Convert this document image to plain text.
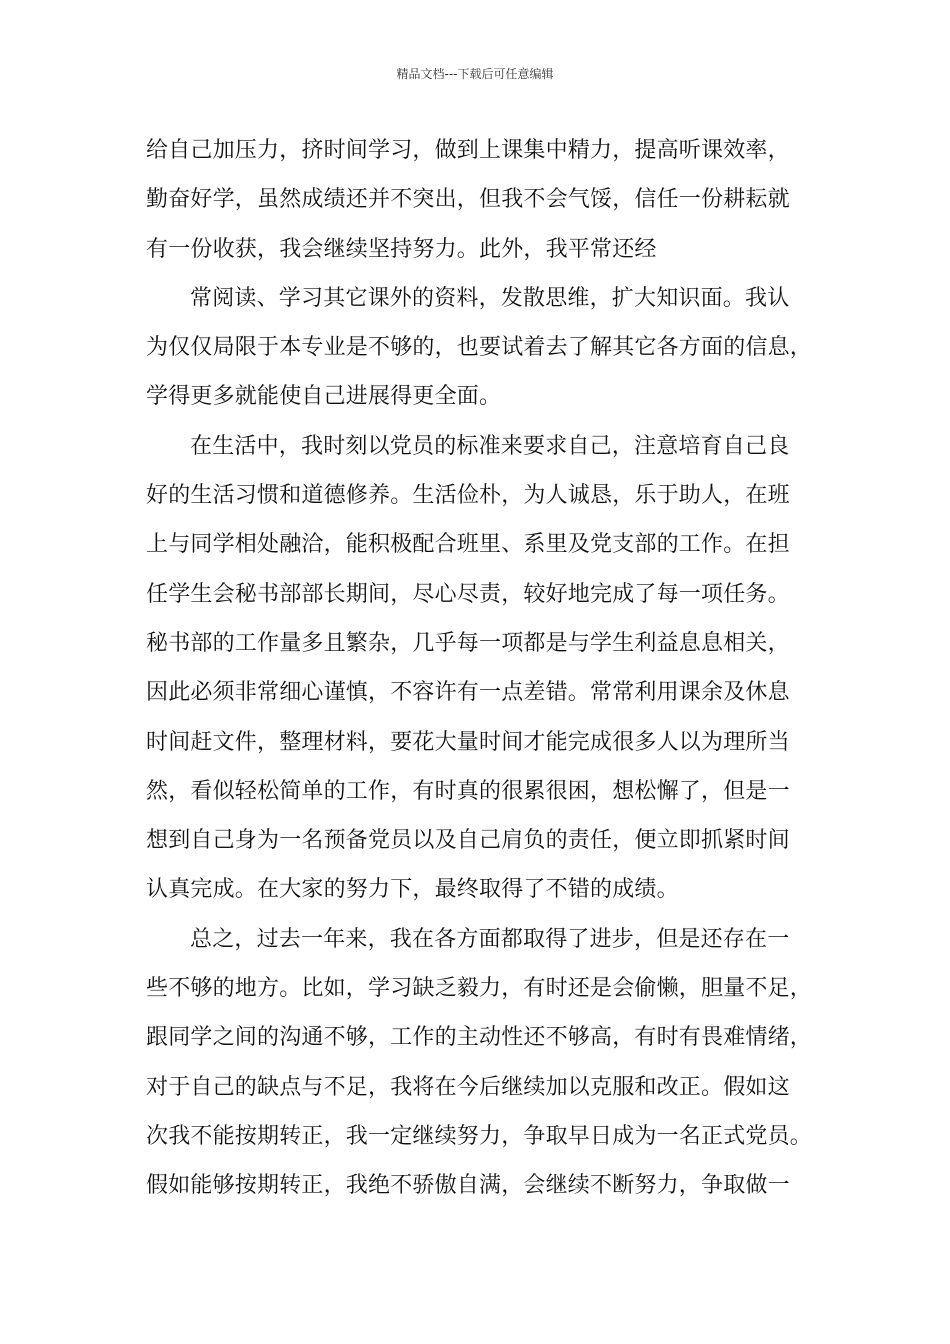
精品文档---下载后可任意编辑
给自己加压力，挤时间学习，做到上课集中精力，提高听课效率，
勤奋好学，虽然成绩还并不突出，但我不会气馁，信任一份耕耘就
有一份收获，我会继续坚持努力。此外，我平常还经
常阅读、学习其它课外的资料，发散思维，扩大知识面。我认
为仅仅局限于本专业是不够的，也要试着去了解其它各方面的信息，
学得更多就能使自己进展得更全面。
在生活中，我时刻以党员的标准来要求自己，注意培育自己良
好的生活习惯和道德修养。生活俭朴，为人诚恳，乐于助人，在班
上与同学相处融洽，能积极配合班里、系里及党支部的工作。在担
任学生会秘书部部长期间，尽心尽责，较好地完成了每一项任务。
秘书部的工作量多且繁杂，几乎每一项都是与学生利益息息相关，
因此必须非常细心谨慎，不容许有一点差错。常常利用课余及休息
时间赶文件，整理材料，要花大量时间才能完成很多人以为理所当
然，看似轻松简单的工作，有时真的很累很困，想松懈了，但是一
想到自己身为一名预备党员以及自己肩负的责任，便立即抓紧时间
认真完成。在大家的努力下，最终取得了不错的成绩。
总之，过去一年来，我在各方面都取得了进步，但是还存在一
些不够的地方。比如，学习缺乏毅力，有时还是会偷懒，胆量不足，
跟同学之间的沟通不够，工作的主动性还不够高，有时有畏难情绪，
对于自己的缺点与不足，我将在今后继续加以克服和改正。假如这
次我不能按期转正，我一定继续努力，争取早日成为一名正式党员。
假如能够按期转正，我绝不骄傲自满，会继续不断努力，争取做一
